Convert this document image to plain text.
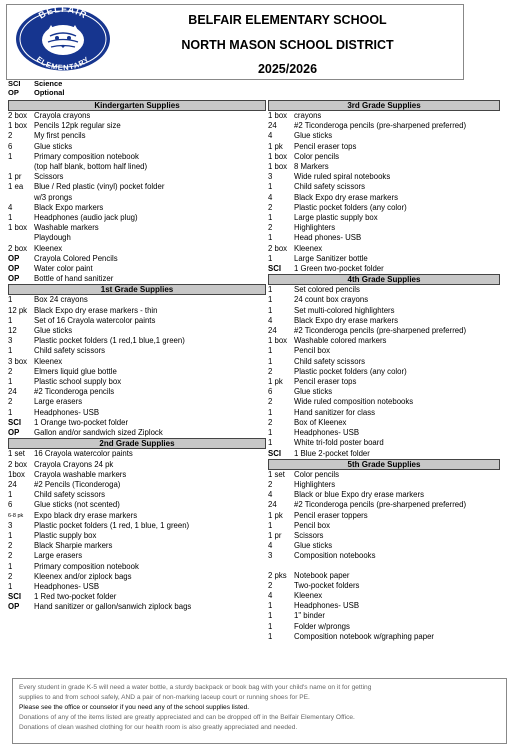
BELFAIR
ELEMENTARY
BELFAIR ELEMENTARY SCHOOL
NORTH MASON SCHOOL DISTRICT
2025/2026
SCI	Science
OP	Optional
Kindergarten Supplies
2 box Crayola crayons
1 box Pencils 12pk regular size
2	My first pencils
6	Glue sticks
1	Primary composition notebook
(top half blank, bottom half lined)
1 pr	Scissors
1 ea	Blue / Red plastic (vinyl) pocket folder
w/3 prongs
4	Black Expo markers
1	Headphones (audio jack plug)
1 box Washable markers
Playdough
2 box Kleenex
OP	Crayola Colored Pencils
OP	Water color paint
OP	Bottle of hand sanitizer
1st Grade Supplies
1	Box 24 crayons
12 pk Black Expo dry erase markers - thin
1	Set of 16 Crayola watercolor paints
12	Glue sticks
3	Plastic pocket folders (1 red,1 blue,1 green)
1	Child safety scissors
3 box Kleenex
2	Elmers liquid glue bottle
1	Plastic school supply box
24	#2 Ticonderoga pencils
2	Large erasers
1	Headphones- USB
SCI	1 Orange two-pocket folder
OP	Gallon and/or sandwich sized Ziplock
2nd Grade Supplies
1 set	16 Crayola watercolor paints
2 box Crayola Crayons 24 pk
1box	Crayola washable markers
24	#2 Pencils (Ticonderoga)
1	Child safety scissors
6	Glue sticks (not scented)
6-8 pk	Expo black dry erase markers
3	Plastic pocket folders (1 red, 1 blue, 1 green)
1	Plastic supply box
2	Black Sharpie markers
2	Large erasers
1	Primary composition notebook
2	Kleenex and/or ziplock bags
1	Headphones- USB
SCI	1 Red two-pocket folder
OP	Hand sanitizer or gallon/sanwich ziplock bags
3rd Grade Supplies
1 box crayons
24	#2 Ticonderoga pencils (pre-sharpened preferred)
4	Glue sticks
1 pk	Pencil eraser tops
1 box Color pencils
1 box 8 Markers
3	Wide ruled spiral notebooks
1	Child safety scissors
4	Black Expo dry erase markers
2	Plastic pocket folders (any color)
1	Large plastic supply box
2	Highlighters
1	Head phones- USB
2 box Kleenex
1	Large Sanitizer bottle
SCI	1 Green two-pocket folder
4th Grade Supplies
1	Set colored pencils
1	24 count box crayons
1	Set multi-colored highlighters
4	Black Expo dry erase markers
24	#2 Ticonderoga pencils (pre-sharpened preferred)
1 box Washable colored markers
1	Pencil box
1	Child safety scissors
2	Plastic pocket folders (any color)
1 pk	Pencil eraser tops
6	Glue sticks
2	Wide ruled composition notebooks
1	Hand sanitizer for class
2	Box of Kleenex
1	Headphones- USB
1	White tri-fold poster board
SCI	1 Blue 2-pocket folder
5th Grade Supplies
1 set	Color pencils
2	Highlighters
4	Black or blue Expo dry erase markers
24	#2 Ticonderoga pencils (pre-sharpened preferred)
1 pk	Pencil eraser toppers
1	Pencil box
1 pr	Scissors
4	Glue sticks
3	Composition notebooks
2 pks Notebook paper
2	Two-pocket folders
4	Kleenex
1	Headphones- USB
1	1" binder
1	Folder w/prongs
1	Composition notebook w/graphing paper
Every student in grade K-5 will need a water bottle, a sturdy backpack or book bag with your child's name on it for getting
supplies to and from school safely, AND a pair of non-marking laceup court or running shoes for PE.
Please see the office or counselor if you need any of the school supplies listed.
Donations of any of the items listed are greatly appreciated and can be dropped off in the Belfair Elementary Office.
Donations of clean washed clothing for our health room is also greatly appreciated and needed.
